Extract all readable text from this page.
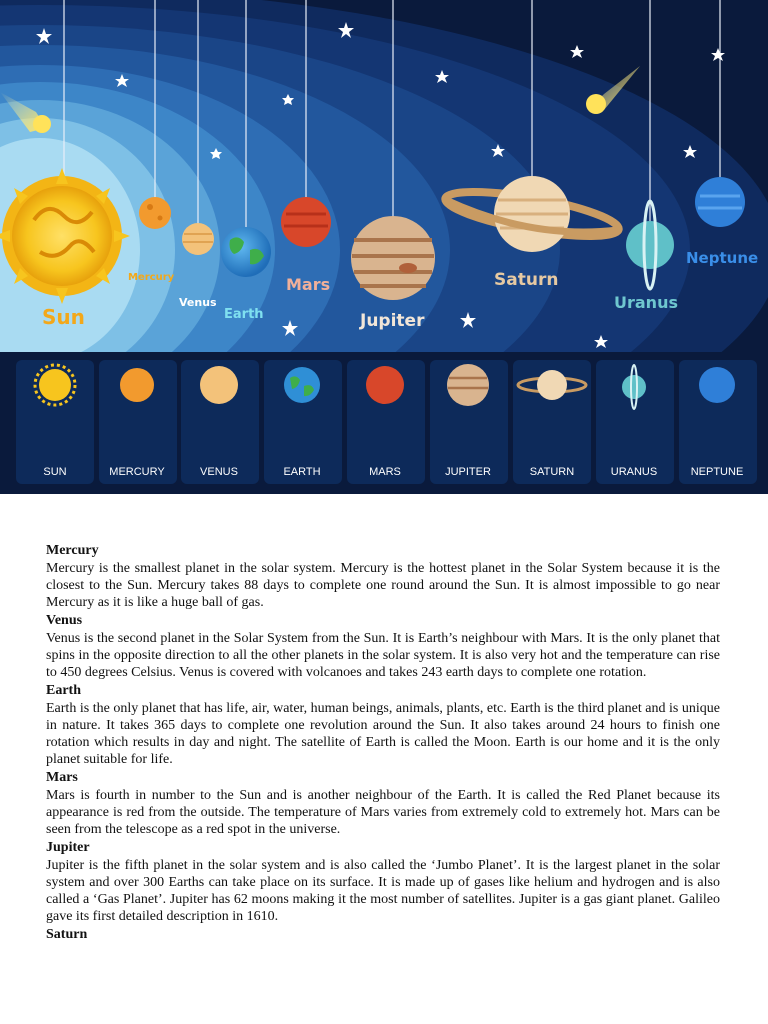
Sun
Mercury
Venus
Earth
Mars
Jupiter
Saturn
Uranus
Neptune
SUN	MERCURY	VENUS	EARTH	MARS	JUPITER	SATURN	URANUS	NEPTUNE
Mercury

Mercury is the smallest planet in the solar system. Mercury is the hottest planet in the Solar System because it is the closest to the Sun. Mercury takes 88 days to complete one round around the Sun. It is almost impossible to go near Mercury as it is like a huge ball of gas.

Venus

Venus is the second planet in the Solar System from the Sun. It is Earth’s neighbour with Mars. It is the only planet that spins in the opposite direction to all the other planets in the solar system. It is also very hot and the temperature can rise to 450 degrees Celsius. Venus is covered with volcanoes and takes 243 earth days to complete one rotation.

Earth

Earth is the only planet that has life, air, water, human beings, animals, plants, etc. Earth is the third planet and is unique in nature. It takes 365 days to complete one revolution around the Sun. It also takes around 24 hours to finish one rotation which results in day and night. The satellite of Earth is called the Moon. Earth is our home and it is the only planet suitable for life.

Mars

Mars is fourth in number to the Sun and is another neighbour of the Earth. It is called the Red Planet because its appearance is red from the outside. The temperature of Mars varies from extremely cold to extremely hot. Mars can be seen from the telescope as a red spot in the universe.

Jupiter

Jupiter is the fifth planet in the solar system and is also called the ‘Jumbo Planet’. It is the largest planet in the solar system and over 300 Earths can take place on its surface. It is made up of gases like helium and hydrogen and is also called a ‘Gas Planet’. Jupiter has 62 moons making it the most number of satellites. Jupiter is a gas giant planet. Galileo gave its first detailed description in 1610.

Saturn
